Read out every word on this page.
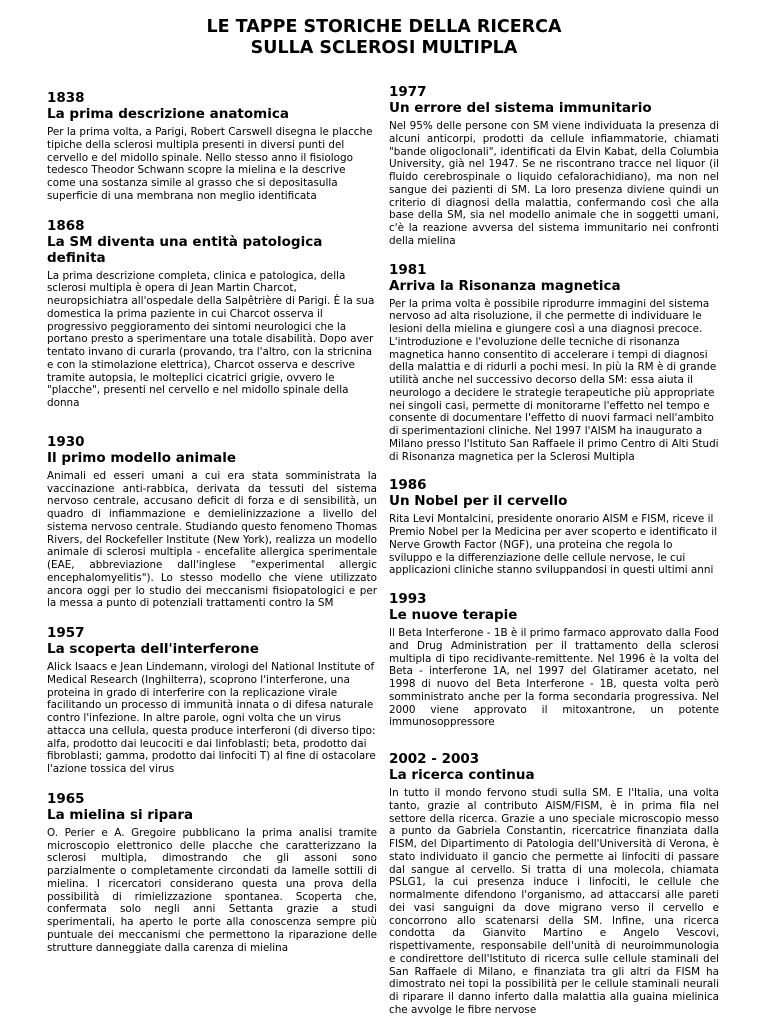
LE TAPPE STORICHE DELLA RICERCA
SULLA SCLEROSI MULTIPLA
1838
La prima descrizione anatomica
Per la prima volta, a Parigi, Robert Carswell disegna le placche tipiche della sclerosi multipla presenti in diversi punti del cervello e del midollo spinale. Nello stesso anno il fisiologo tedesco Theodor Schwann scopre la mielina e la descrive come una sostanza simile al grasso che si depositasulla superficie di una membrana non meglio identificata
1868
La SM diventa una entità patologica definita
La prima descrizione completa, clinica e patologica, della sclerosi multipla è opera di Jean Martin Charcot, neuropsichiatra all'ospedale della Salpêtrière di Parigi. È la sua domestica la prima paziente in cui Charcot osserva il progressivo peggioramento dei sintomi neurologici che la portano presto a sperimentare una totale disabilità. Dopo aver tentato invano di curarla (provando, tra l'altro, con la stricnina e con la stimolazione elettrica), Charcot osserva e descrive tramite autopsia, le molteplici cicatrici grigie, ovvero le "placche", presenti nel cervello e nel midollo spinale della donna
1930
Il primo modello animale
Animali ed esseri umani a cui era stata somministrata la vaccinazione anti-rabbica, derivata da tessuti del sistema nervoso centrale, accusano deficit di forza e di sensibilità, un quadro di infiammazione e demielinizzazione a livello del sistema nervoso centrale. Studiando questo fenomeno Thomas Rivers, del Rockefeller Institute (New York), realizza un modello animale di sclerosi multipla - encefalite allergica sperimentale (EAE, abbreviazione dall'inglese "experimental allergic encephalomyelitis"). Lo stesso modello che viene utilizzato ancora oggi per lo studio dei meccanismi fisiopatologici e per la messa a punto di potenziali trattamenti contro la SM
1957
La scoperta dell'interferone
Alick Isaacs e Jean Lindemann, virologi del National Institute of Medical Research (Inghilterra), scoprono l'interferone, una proteina in grado di interferire con la replicazione virale facilitando un processo di immunità innata o di difesa naturale contro l'infezione. In altre parole, ogni volta che un virus attacca una cellula, questa produce interferoni (di diverso tipo: alfa, prodotto dai leucociti e dai linfoblasti; beta, prodotto dai fibroblasti; gamma, prodotto dai linfociti T) al fine di ostacolare l'azione tossica del virus
1965
La mielina si ripara
O. Perier e A. Gregoire pubblicano la prima analisi tramite microscopio elettronico delle placche che caratterizzano la sclerosi multipla, dimostrando che gli assoni sono parzialmente o completamente circondati da lamelle sottili di mielina. I ricercatori considerano questa una prova della possibilità di rimielizzazione spontanea. Scoperta che, confermata solo negli anni Settanta grazie a studi sperimentali, ha aperto le porte alla conoscenza sempre più puntuale dei meccanismi che permettono la riparazione delle strutture danneggiate dalla carenza di mielina
1977
Un errore del sistema immunitario
Nel 95% delle persone con SM viene individuata la presenza di alcuni anticorpi, prodotti da cellule infiammatorie, chiamati "bande oligoclonali", identificati da Elvin Kabat, della Columbia University, già nel 1947. Se ne riscontrano tracce nel liquor (il fluido cerebrospinale o liquido cefalorachidiano), ma non nel sangue dei pazienti di SM. La loro presenza diviene quindi un criterio di diagnosi della malattia, confermando così che alla base della SM, sia nel modello animale che in soggetti umani, c'è la reazione avversa del sistema immunitario nei confronti della mielina
1981
Arriva la Risonanza magnetica
Per la prima volta è possibile riprodurre immagini del sistema nervoso ad alta risoluzione, il che permette di individuare le lesioni della mielina e giungere così a una diagnosi precoce. L'introduzione e l'evoluzione delle tecniche di risonanza magnetica hanno consentito di accelerare i tempi di diagnosi della malattia e di ridurli a pochi mesi. In più la RM è di grande utilità anche nel successivo decorso della SM: essa aiuta il neurologo a decidere le strategie terapeutiche più appropriate nei singoli casi, permette di monitorarne l'effetto nel tempo e consente di documentare l'effetto di nuovi farmaci nell'ambito di sperimentazioni cliniche. Nel 1997 l'AISM ha inaugurato a Milano presso l'Istituto San Raffaele il primo Centro di Alti Studi di Risonanza magnetica per la Sclerosi Multipla
1986
Un Nobel per il cervello
Rita Levi Montalcini, presidente onorario AISM e FISM, riceve il Premio Nobel per la Medicina per aver scoperto e identificato il Nerve Growth Factor (NGF), una proteina che regola lo sviluppo e la differenziazione delle cellule nervose, le cui applicazioni cliniche stanno sviluppandosi in questi ultimi anni
1993
Le nuove terapie
Il Beta Interferone - 1B è il primo farmaco approvato dalla Food and Drug Administration per il trattamento della sclerosi multipla di tipo recidivante-remittente. Nel 1996 è la volta del Beta - interferone 1A, nel 1997 del Glatiramer acetato, nel 1998 di nuovo del Beta Interferone - 1B, questa volta però somministrato anche per la forma secondaria progressiva. Nel 2000 viene approvato il mitoxantrone, un potente immunosoppressore
2002 - 2003
La ricerca continua
In tutto il mondo fervono studi sulla SM. E l'Italia, una volta tanto, grazie al contributo AISM/FISM, è in prima fila nel settore della ricerca. Grazie a uno speciale microscopio messo a punto da Gabriela Constantin, ricercatrice finanziata dalla FISM, del Dipartimento di Patologia dell'Università di Verona, è stato individuato il gancio che permette ai linfociti di passare dal sangue al cervello. Si tratta di una molecola, chiamata PSLG1, la cui presenza induce i linfociti, le cellule che normalmente difendono l'organismo, ad attaccarsi alle pareti dei vasi sanguigni da dove migrano verso il cervello e concorrono allo scatenarsi della SM. Infine, una ricerca condotta da Gianvito Martino e Angelo Vescovi, rispettivamente, responsabile dell'unità di neuroimmunologia e condirettore dell'Istituto di ricerca sulle cellule staminali del San Raffaele di Milano, e finanziata tra gli altri da FISM ha dimostrato nei topi la possibilità per le cellule staminali neurali di riparare il danno inferto dalla malattia alla guaina mielinica che avvolge le fibre nervose
